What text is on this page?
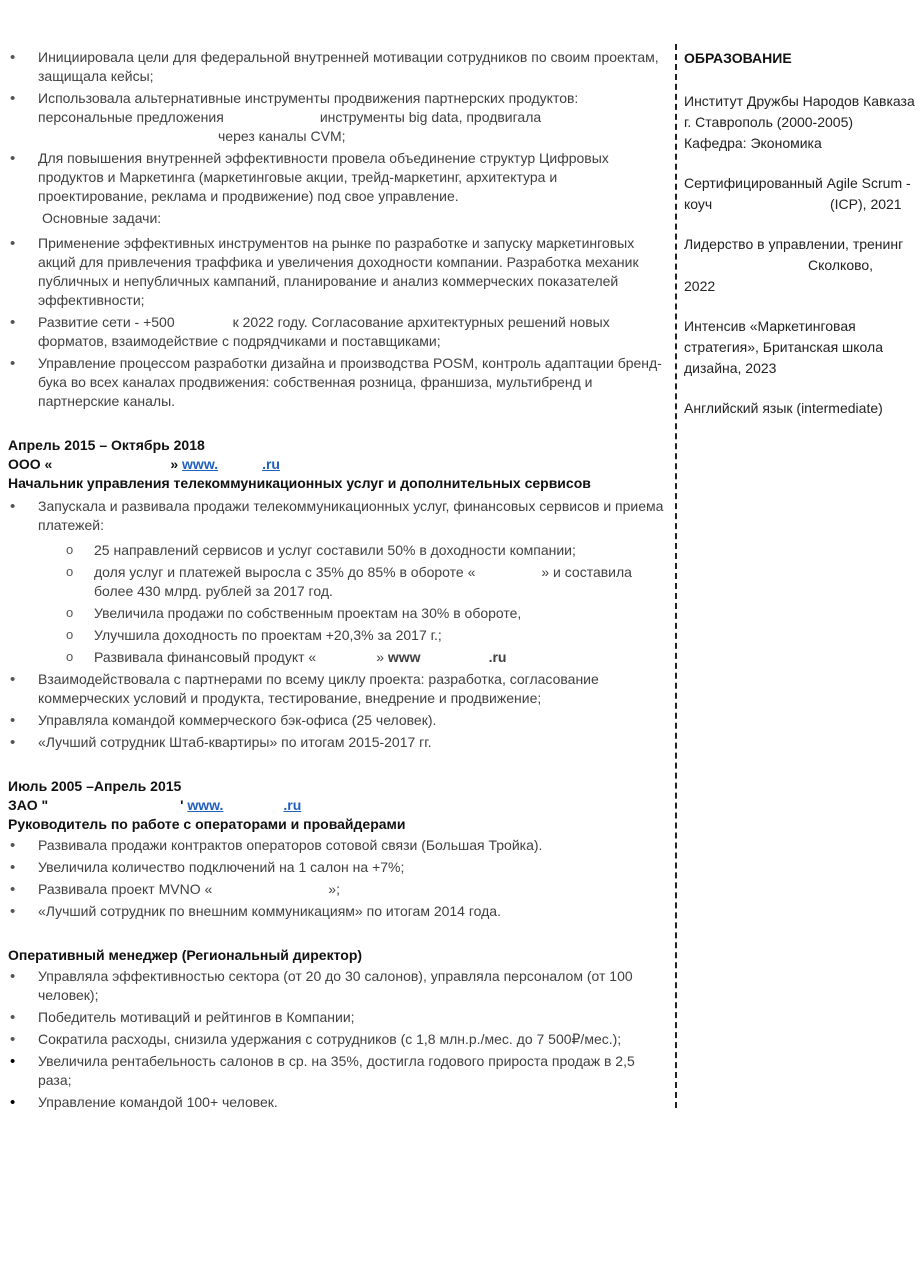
• Инициировала цели для федеральной внутренней мотивации сотрудников по своим проектам, защищала кейсы;
• Использовала альтернативные инструменты продвижения партнерских продуктов: персональные предложения	инструменты big data, продвигала через каналы CVM;
• Для повышения внутренней эффективности провела объединение структур Цифровых продуктов и Маркетинга (маркетинговые акции, трейд-маркетинг, архитектура и проектирование, реклама и продвижение) под свое управление.
Основные задачи:
• Применение эффективных инструментов на рынке по разработке и запуску маркетинговых акций для привлечения траффика и увеличения доходности компании. Разработка механик публичных и непубличных кампаний, планирование и анализ коммерческих показателей эффективности;
• Развитие сети - +500	к 2022 году. Согласование архитектурных решений новых форматов, взаимодействие с подрядчиками и поставщиками;
• Управление процессом разработки дизайна и производства POSM, контроль адаптации бренд-бука во всех каналах продвижения: собственная розница, франшиза, мультибренд и партнерские каналы.
Апрель 2015 – Октябрь 2018
ООО «	» www.	.ru
Начальник управления телекоммуникационных услуг и дополнительных сервисов
• Запускала и развивала продажи телекоммуникационных услуг, финансовых сервисов и приема платежей:
o 25 направлений сервисов и услуг составили 50% в доходности компании;
o доля услуг и платежей выросла с 35% до 85% в обороте «	» и составила более 430 млрд. рублей за 2017 год.
o Увеличила продажи по собственным проектам на 30% в обороте,
o Улучшила доходность по проектам +20,3% за 2017 г.;
o Развивала финансовый продукт «	» www	.ru
• Взаимодействовала с партнерами по всему циклу проекта: разработка, согласование коммерческих условий и продукта, тестирование, внедрение и продвижение;
• Управляла командой коммерческого бэк-офиса (25 человек).
• «Лучший сотрудник Штаб-квартиры» по итогам 2015-2017 гг.
Июль 2005 –Апрель 2015
ЗАО "	' www.	.ru
Руководитель по работе с операторами и провайдерами
• Развивала продажи контрактов операторов сотовой связи (Большая Тройка).
• Увеличила количество подключений на 1 салон на +7%;
• Развивала проект MVNO «	»;
• «Лучший сотрудник по внешним коммуникациям» по итогам 2014 года.
Оперативный менеджер (Региональный директор)
• Управляла эффективностью сектора (от 20 до 30 салонов), управляла персоналом (от 100 человек);
• Победитель мотиваций и рейтингов в Компании;
• Сократила расходы, снизила удержания с сотрудников (с 1,8 млн.р./мес. до 7 500₽/мес.);
• Увеличила рентабельность салонов в ср. на 35%, достигла годового прироста продаж в 2,5 раза;
• Управление командой 100+ человек.
ОБРАЗОВАНИЕ
Институт Дружбы Народов Кавказа г. Ставрополь (2000-2005) Кафедра: Экономика
Сертифицированный Agile Scrum - коуч	(ICP), 2021
Лидерство в управлении, тренинг
Сколково,
2022
Интенсив «Маркетинговая стратегия», Британская школа дизайна, 2023
Английский язык (intermediate)
